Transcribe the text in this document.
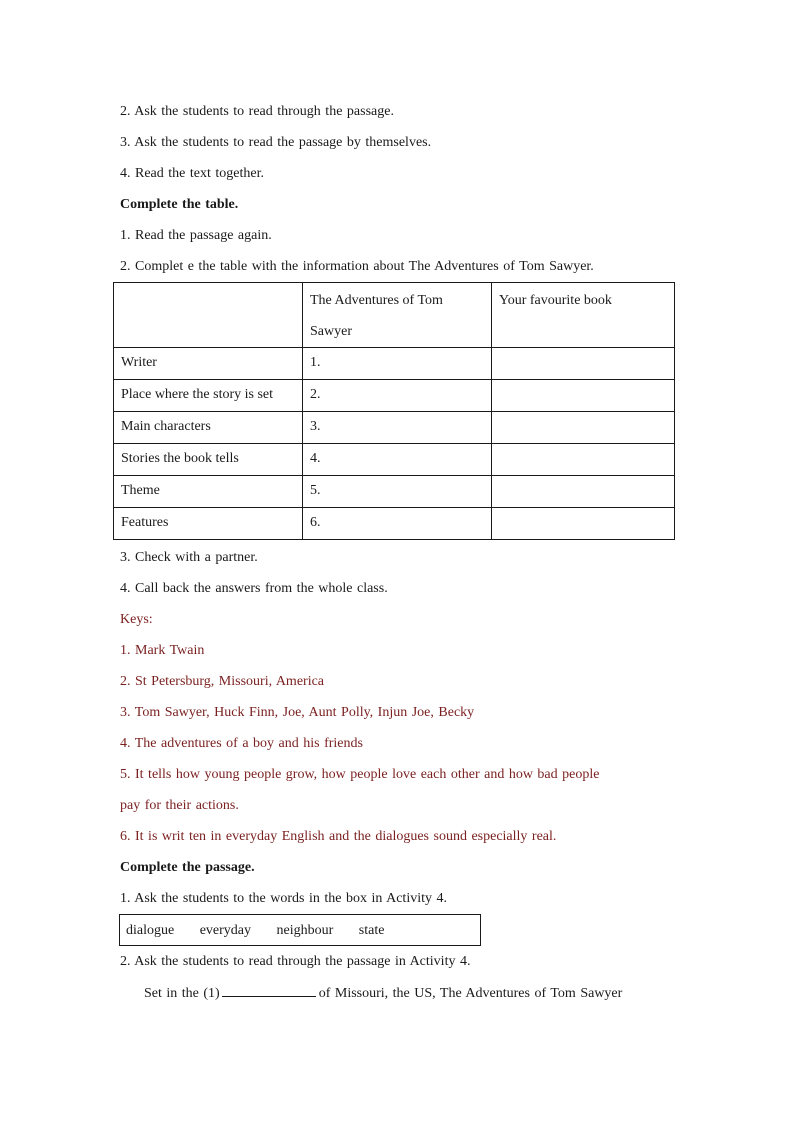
2. Ask the students to read through the passage.
3. Ask the students to read the passage by themselves.
4. Read the text together.
Complete the table.
1. Read the passage again.
2. Complet e the table with the information about The Adventures of Tom Sawyer.
	The Adventures of Tom Sawyer	Your favourite book
Writer	1.	
Place where the story is set	2.	
Main characters	3.	
Stories the book tells	4.	
Theme	5.	
Features	6.	
3. Check with a partner.
4. Call back the answers from the whole class.
Keys:
1. Mark Twain
2. St Petersburg, Missouri, America
3. Tom Sawyer, Huck Finn, Joe, Aunt Polly, Injun Joe, Becky
4. The adventures of a boy and his friends
5. It tells how young people grow, how people love each other and how bad people
pay for their actions.
6. It is writ ten in everyday English and the dialogues sound especially real.
Complete the passage.
1. Ask the students to the words in the box in Activity 4.
dialogue everyday neighbour state
2. Ask the students to read through the passage in Activity 4.
Set in the (1)	of Missouri, the US, The Adventures of Tom Sawyer
